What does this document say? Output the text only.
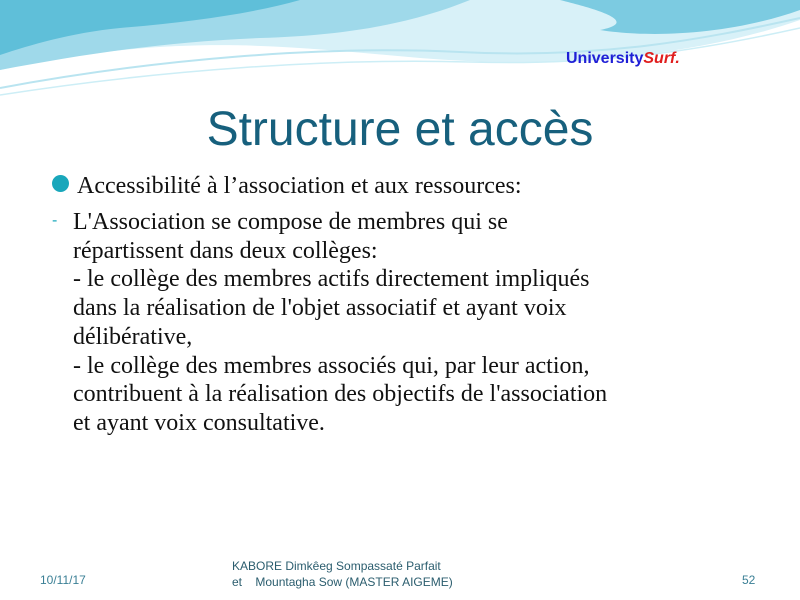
UniversitySurf.
Structure et accès
Accessibilité à l’association et aux ressources:
- L'Association se compose de membres qui se
répartissent dans deux collèges:
- le collège des membres actifs directement impliqués
dans la réalisation de l'objet associatif et ayant voix
délibérative,
- le collège des membres associés qui, par leur action,
contribuent à la réalisation des objectifs de l'association
et ayant voix consultative.
10/11/17
KABORE Dimkêeg Sompassaté Parfait
et    Mountagha Sow (MASTER AIGEME)	52
